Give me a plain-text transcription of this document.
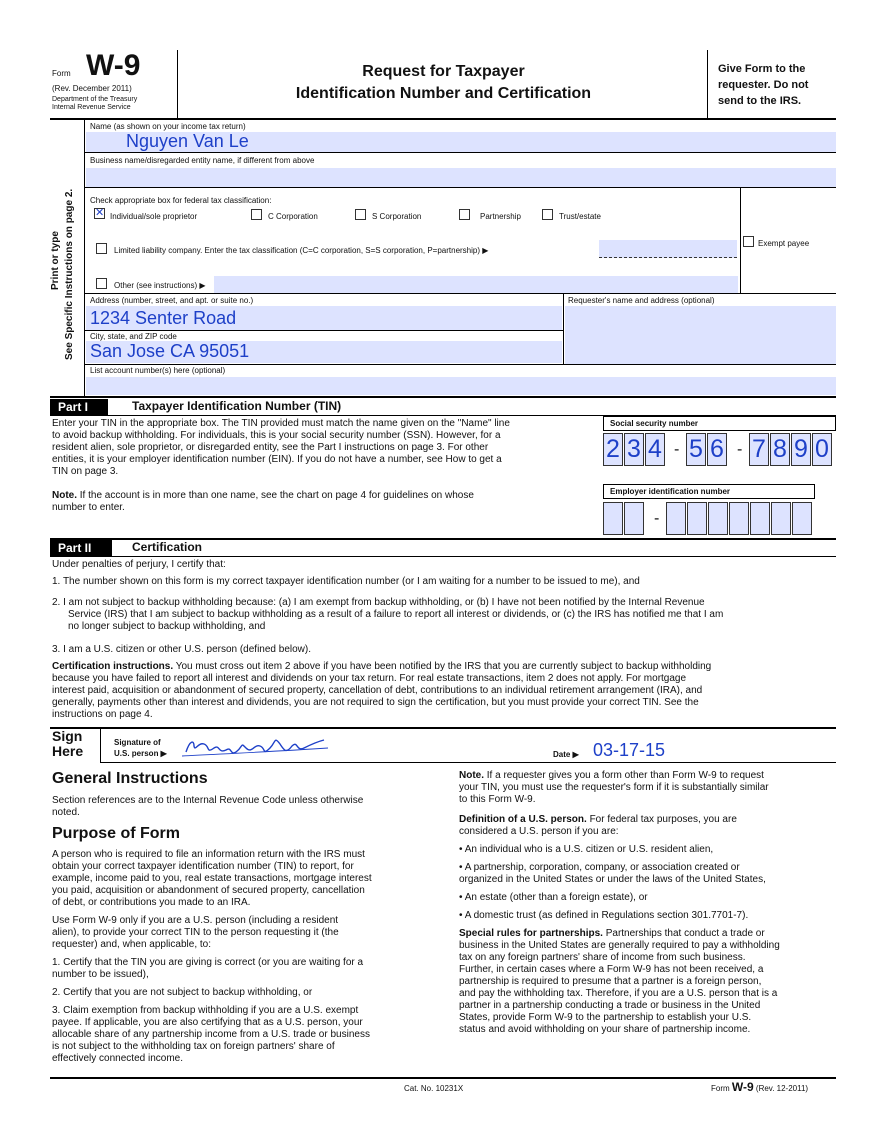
Form W-9
(Rev. December 2011)
Department of the Treasury
Internal Revenue Service
Request for Taxpayer
Identification Number and Certification
Give Form to the
requester. Do not
send to the IRS.
Print or type See Specific Instructions on page 2.
Name (as shown on your income tax return)
Nguyen Van Le
Business name/disregarded entity name, if different from above
Check appropriate box for federal tax classification:
✕
Individual/sole proprietor	C Corporation	S Corporation	Partnership	Trust/estate
Limited liability company. Enter the tax classification (C=C corporation, S=S corporation, P=partnership) ▶
Exempt payee
Other (see instructions) ▶
Address (number, street, and apt. or suite no.)
1234 Senter Road
Requester's name and address (optional)
City, state, and ZIP code
San Jose CA 95051
List account number(s) here (optional)
Part I	Taxpayer Identification Number (TIN)
Enter your TIN in the appropriate box. The TIN provided must match the name given on the "Name" line
to avoid backup withholding. For individuals, this is your social security number (SSN). However, for a
resident alien, sole proprietor, or disregarded entity, see the Part I instructions on page 3. For other
entities, it is your employer identification number (EIN). If you do not have a number, see How to get a
TIN on page 3.
Note. If the account is in more than one name, see the chart on page 4 for guidelines on whose
number to enter.
Social security number
2 3 4 - 5 6 - 7 8 9 0
Employer identification number
-
Part II	Certification
Under penalties of perjury, I certify that:
1. The number shown on this form is my correct taxpayer identification number (or I am waiting for a number to be issued to me), and
2. I am not subject to backup withholding because: (a) I am exempt from backup withholding, or (b) I have not been notified by the Internal Revenue
Service (IRS) that I am subject to backup withholding as a result of a failure to report all interest or dividends, or (c) the IRS has notified me that I am
no longer subject to backup withholding, and
3. I am a U.S. citizen or other U.S. person (defined below).
Certification instructions. You must cross out item 2 above if you have been notified by the IRS that you are currently subject to backup withholding
because you have failed to report all interest and dividends on your tax return. For real estate transactions, item 2 does not apply. For mortgage
interest paid, acquisition or abandonment of secured property, cancellation of debt, contributions to an individual retirement arrangement (IRA), and
generally, payments other than interest and dividends, you are not required to sign the certification, but you must provide your correct TIN. See the
instructions on page 4.
Sign
Here
Signature of
U.S. person ▶	Date ▶ 03-17-15
General Instructions
Section references are to the Internal Revenue Code unless otherwise
noted.
Purpose of Form
A person who is required to file an information return with the IRS must
obtain your correct taxpayer identification number (TIN) to report, for
example, income paid to you, real estate transactions, mortgage interest
you paid, acquisition or abandonment of secured property, cancellation
of debt, or contributions you made to an IRA.
Use Form W-9 only if you are a U.S. person (including a resident
alien), to provide your correct TIN to the person requesting it (the
requester) and, when applicable, to:
1. Certify that the TIN you are giving is correct (or you are waiting for a
number to be issued),
2. Certify that you are not subject to backup withholding, or
3. Claim exemption from backup withholding if you are a U.S. exempt
payee. If applicable, you are also certifying that as a U.S. person, your
allocable share of any partnership income from a U.S. trade or business
is not subject to the withholding tax on foreign partners' share of
effectively connected income.
Note. If a requester gives you a form other than Form W-9 to request
your TIN, you must use the requester's form if it is substantially similar
to this Form W-9.
Definition of a U.S. person. For federal tax purposes, you are
considered a U.S. person if you are:
• An individual who is a U.S. citizen or U.S. resident alien,
• A partnership, corporation, company, or association created or
organized in the United States or under the laws of the United States,
• An estate (other than a foreign estate), or
• A domestic trust (as defined in Regulations section 301.7701-7).
Special rules for partnerships. Partnerships that conduct a trade or
business in the United States are generally required to pay a withholding
tax on any foreign partners' share of income from such business.
Further, in certain cases where a Form W-9 has not been received, a
partnership is required to presume that a partner is a foreign person,
and pay the withholding tax. Therefore, if you are a U.S. person that is a
partner in a partnership conducting a trade or business in the United
States, provide Form W-9 to the partnership to establish your U.S.
status and avoid withholding on your share of partnership income.
Cat. No. 10231X	Form W-9 (Rev. 12-2011)
